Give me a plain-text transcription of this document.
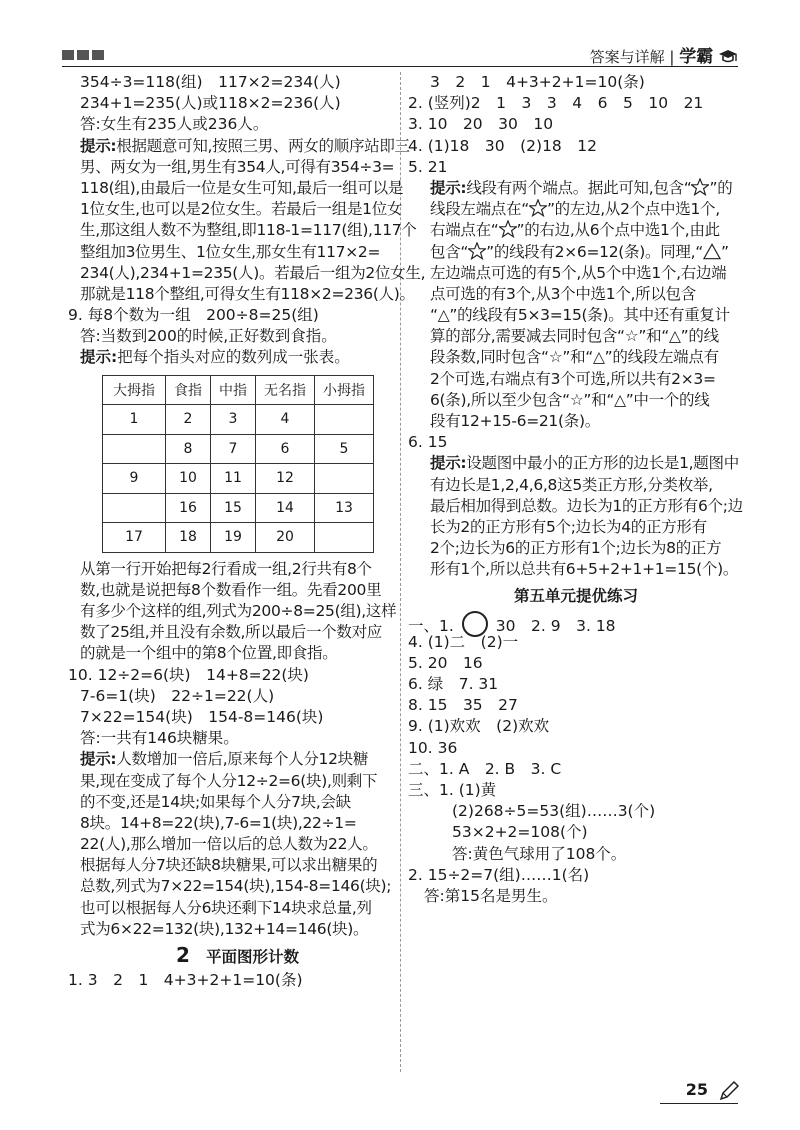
答案与详解 | 学霸
354÷3=118(组)　117×2=234(人)
234+1=235(人)或118×2=236(人)
答:女生有235人或236人。
提示:根据题意可知,按照三男、两女的顺序站即三
男、两女为一组,男生有354人,可得有354÷3=
118(组),由最后一位是女生可知,最后一组可以是
1位女生,也可以是2位女生。若最后一组是1位女
生,那这组人数不为整组,即118-1=117(组),117个
整组加3位男生、1位女生,那女生有117×2=
234(人),234+1=235(人)。若最后一组为2位女生,
那就是118个整组,可得女生有118×2=236(人)。
9. 每8个数为一组　200÷8=25(组)
答:当数到200的时候,正好数到食指。
提示:把每个指头对应的数列成一张表。
大拇指	食指	中指	无名指	小拇指
1	2	3	4	
	8	7	6	5
9	10	11	12	
	16	15	14	13
17	18	19	20	
从第一行开始把每2行看成一组,2行共有8个
数,也就是说把每8个数看作一组。先看200里
有多少个这样的组,列式为200÷8=25(组),这样
数了25组,并且没有余数,所以最后一个数对应
的就是一个组中的第8个位置,即食指。
10. 12÷2=6(块)　14+8=22(块)
7-6=1(块)　22÷1=22(人)
7×22=154(块)　154-8=146(块)
答:一共有146块糖果。
提示:人数增加一倍后,原来每个人分12块糖
果,现在变成了每个人分12÷2=6(块),则剩下
的不变,还是14块;如果每个人分7块,会缺
8块。14+8=22(块),7-6=1(块),22÷1=
22(人),那么增加一倍以后的总人数为22人。
根据每人分7块还缺8块糖果,可以求出糖果的
总数,列式为7×22=154(块),154-8=146(块);
也可以根据每人分6块还剩下14块求总量,列
式为6×22=132(块),132+14=146(块)。
2 平面图形计数
1. 3　2　1　4+3+2+1=10(条)
3　2　1　4+3+2+1=10(条)
2. (竖列)2　1　3　3　4　6　5　10　21
3. 10　20　30　10
4. (1)18　30　(2)18　12
5. 21
提示:线段有两个端点。据此可知,包含“ ”的
线段左端点在“ ”的左边,从2个点中选1个,
右端点在“ ”的右边,从6个点中选1个,由此
包含“ ”的线段有2×6=12(条)。同理,“ ”
左边端点可选的有5个,从5个中选1个,右边端
点可选的有3个,从3个中选1个,所以包含
“△”的线段有5×3=15(条)。其中还有重复计
算的部分,需要减去同时包含“☆”和“△”的线
段条数,同时包含“☆”和“△”的线段左端点有
2个可选,右端点有3个可选,所以共有2×3=
6(条),所以至少包含“☆”和“△”中一个的线
段有12+15-6=21(条)。
6. 15
提示:设题图中最小的正方形的边长是1,题图中
有边长是1,2,4,6,8这5类正方形,分类枚举,
最后相加得到总数。边长为1的正方形有6个;边
长为2的正方形有5个;边长为4的正方形有
2个;边长为6的正方形有1个;边长为8的正方
形有1个,所以总共有6+5+2+1+1=15(个)。
第五单元提优练习
一、1.	30　2. 9　3. 18
4. (1)二　(2)一
5. 20　16
6. 绿　7. 31
8. 15　35　27
9. (1)欢欢　(2)欢欢
10. 36
二、1. A　2. B　3. C
三、1. (1)黄
(2)268÷5=53(组)……3(个)
53×2+2=108(个)
答:黄色气球用了108个。
2. 15÷2=7(组)……1(名)
答:第15名是男生。
25
